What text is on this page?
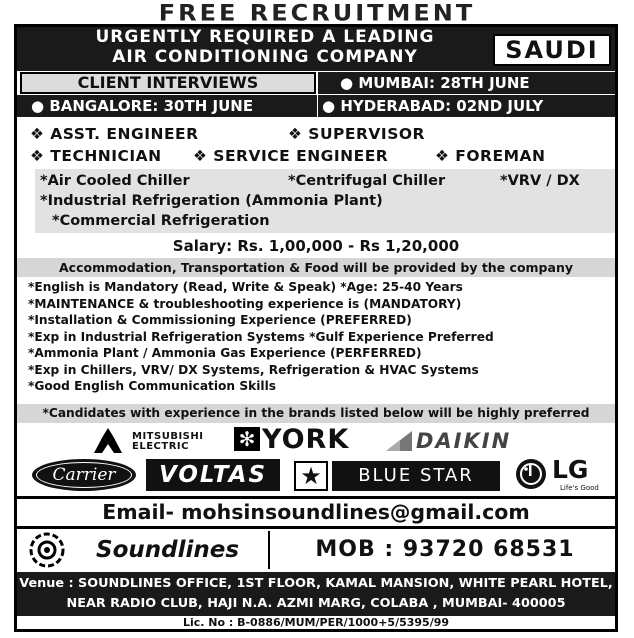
FREE RECRUITMENT
URGENTLY REQUIRED A LEADING
AIR CONDITIONING COMPANY	SAUDI
CLIENT INTERVIEWS	● MUMBAI: 28TH JUNE
● BANGALORE: 30TH JUNE	● HYDERABAD: 02ND JULY
❖ ASST. ENGINEER	❖ SUPERVISOR
❖ TECHNICIAN ❖ SERVICE ENGINEER	❖ FOREMAN
*Air Cooled Chiller	*Centrifugal Chiller	*VRV / DX
*Industrial Refrigeration (Ammonia Plant)
*Commercial Refrigeration
Salary: Rs. 1,00,000 - Rs 1,20,000
Accommodation, Transportation & Food will be provided by the company
*English is Mandatory (Read, Write & Speak) *Age: 25-40 Years
*MAINTENANCE & troubleshooting experience is (MANDATORY)
*Installation & Commissioning Experience (PREFERRED)
*Exp in Industrial Refrigeration Systems *Gulf Experience Preferred
*Ammonia Plant / Ammonia Gas Experience (PERFERRED)
*Exp in Chillers, VRV/ DX Systems, Refrigeration & HVAC Systems
*Good English Communication Skills
*Candidates with experience in the brands listed below will be highly preferred
MITSUBISHI
ELECTRIC ✻ YORK	DAIKIN
Carrier	VOLTAS	★	BLUE STAR	LG
Life's Good
Email- mohsinsoundlines@gmail.com
Soundlines	MOB : 93720 68531
Venue : SOUNDLINES OFFICE, 1ST FLOOR, KAMAL MANSION, WHITE PEARL HOTEL,
NEAR RADIO CLUB, HAJI N.A. AZMI MARG, COLABA , MUMBAI- 400005
Lic. No : B-0886/MUM/PER/1000+5/5395/99
